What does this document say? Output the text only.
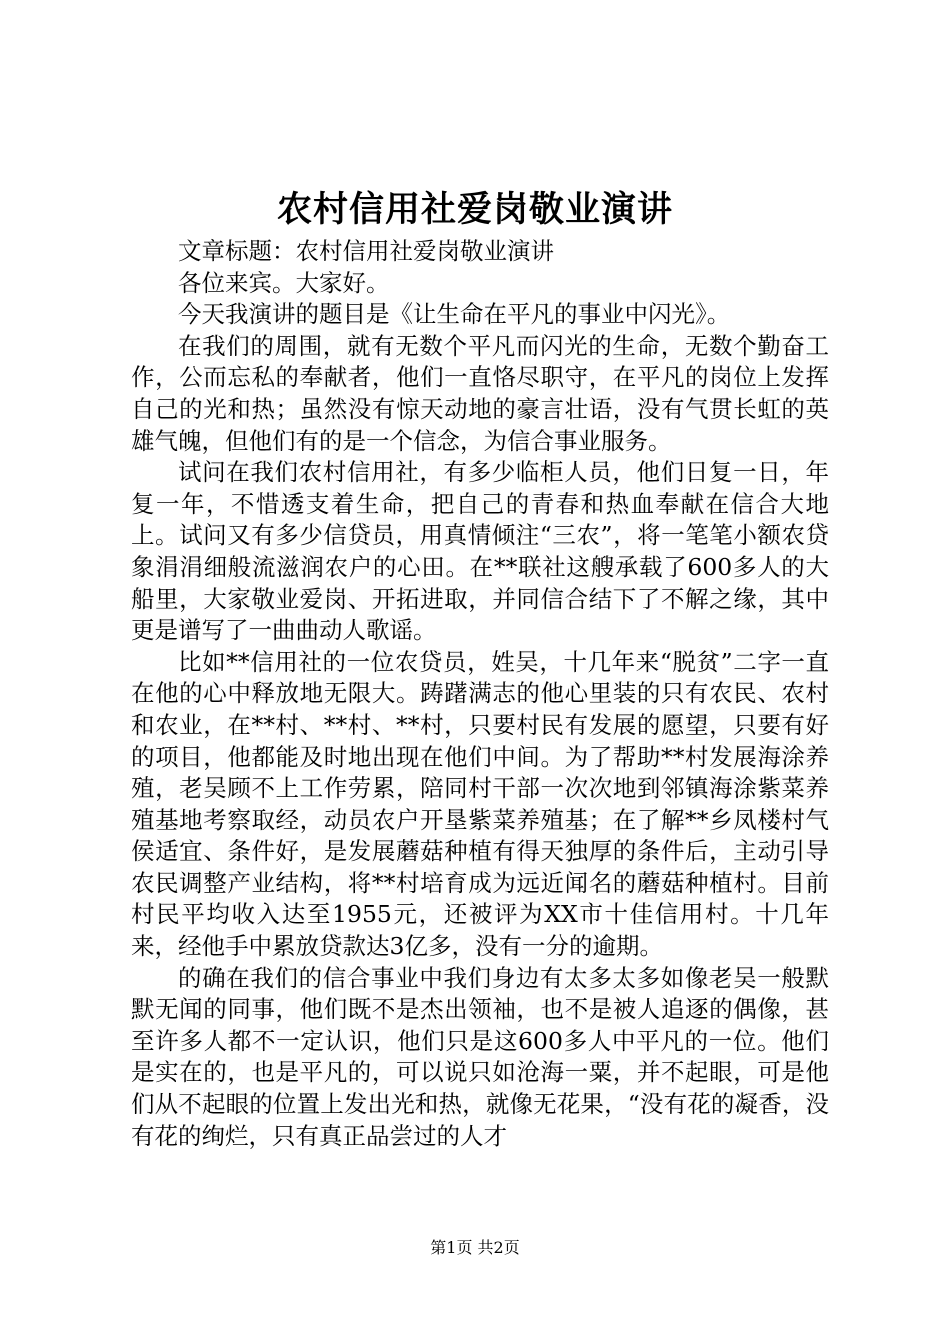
农村信用社爱岗敬业演讲

文章标题：农村信用社爱岗敬业演讲

各位来宾。大家好。

今天我演讲的题目是《让生命在平凡的事业中闪光》。

在我们的周围，就有无数个平凡而闪光的生命，无数个勤奋工作，公而忘私的奉献者，他们一直恪尽职守，在平凡的岗位上发挥自己的光和热；虽然没有惊天动地的豪言壮语，没有气贯长虹的英雄气魄，但他们有的是一个信念，为信合事业服务。

试问在我们农村信用社，有多少临柜人员，他们日复一日，年复一年，不惜透支着生命，把自己的青春和热血奉献在信合大地上。试问又有多少信贷员，用真情倾注“三农”，将一笔笔小额农贷象涓涓细般流滋润农户的心田。在**联社这艘承载了600多人的大船里，大家敬业爱岗、开拓进取，并同信合结下了不解之缘，其中更是谱写了一曲曲动人歌谣。

比如**信用社的一位农贷员，姓吴，十几年来“脱贫”二字一直在他的心中释放地无限大。踌躇满志的他心里装的只有农民、农村和农业，在**村、**村、**村，只要村民有发展的愿望，只要有好的项目，他都能及时地出现在他们中间。为了帮助**村发展海涂养殖，老吴顾不上工作劳累，陪同村干部一次次地到邻镇海涂紫菜养殖基地考察取经，动员农户开垦紫菜养殖基；在了解**乡凤楼村气侯适宜、条件好，是发展蘑菇种植有得天独厚的条件后，主动引导农民调整产业结构，将**村培育成为远近闻名的蘑菇种植村。目前村民平均收入达至1955元，还被评为XX市十佳信用村。十几年来，经他手中累放贷款达3亿多，没有一分的逾期。

的确在我们的信合事业中我们身边有太多太多如像老吴一般默默无闻的同事，他们既不是杰出领袖，也不是被人追逐的偶像，甚至许多人都不一定认识，他们只是这600多人中平凡的一位。他们是实在的，也是平凡的，可以说只如沧海一粟，并不起眼，可是他们从不起眼的位置上发出光和热，就像无花果，“没有花的凝香，没有花的绚烂，只有真正品尝过的人才

第1页 共2页
